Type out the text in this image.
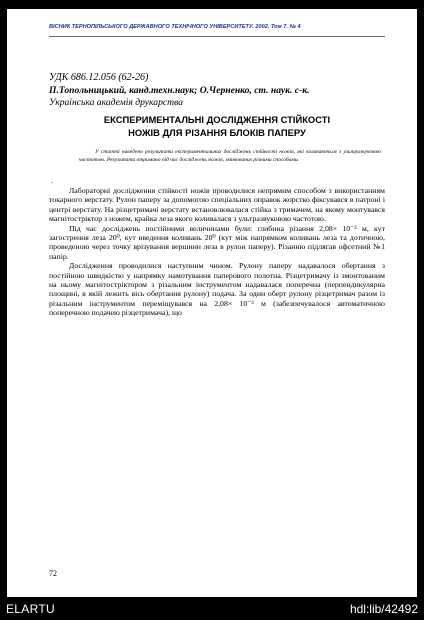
ВІСНИК ТЕРНОПІЛЬСЬКОГО ДЕРЖАВНОГО ТЕХНІЧНОГО УНІВЕРСИТЕТУ. 2002. Том 7. № 4
УДК 686.12.056 (62-26)
П.Топольницький, канд.техн.наук; О.Черненко, ст. наук. с-к.
Українська академія друкарства
ЕКСПЕРИМЕНТАЛЬНІ ДОСЛІДЖЕННЯ СТІЙКОСТІ
НОЖІВ ДЛЯ РІЗАННЯ БЛОКІВ ПАПЕРУ
У статті наведено результати експериментальних досліджень стійкості ножів, які коливаються з ультразвуковою частотою. Результати отримано під час досліджень ножів, змінюваних різними способами.
.

Лабораторні дослідження стійкості ножів проводилися непрямим способом з використанням токарного верстату. Рулон паперу за допомогою спеціальних оправок жорстко фіксувався в патроні і центрі верстату. На різцетримачі верстату встановлювалася стійка з тримачем, на якому монтувався магнітостріктор з ножем, крайка леза якого коливалася з ультразвуковою частотою.

Під час досліджень постійними величинами були: глибина різання 2,08× 10⁻³ м, кут загострення леза 20⁰, кут введення коливань 20⁰ (кут між напрямком коливань леза та дотичною, проведеною через точку врізування вершини леза в рулон паперу). Різанню підлягав офсетний №1 папір.

Дослідження проводилися наступним чином. Рулону паперу надавалося обертання з постійною швидкістю у напрямку намотування паперового полотна. Різцетримачу із змонтованим на ньому магнітостріктором з різальним інструментом надавалася поперечна (перпендикулярна площині, в якій лежить вісь обертання рулону) подача. За один оберт рулону різцетримач разом із різальним інструментом переміщувався на 2,08× 10⁻³ м (забезпечувалося автоматичною поперечною подачею різцетримача), що

72
ELARTU	hdl:lib/42492
